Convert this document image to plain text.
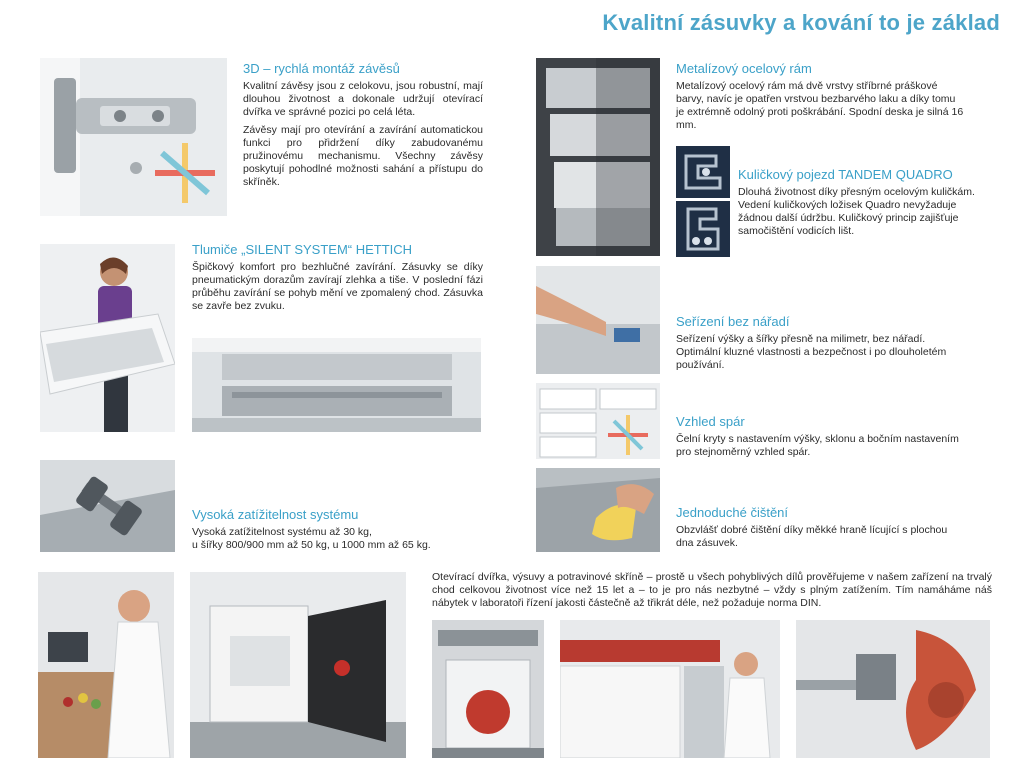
Kvalitní zásuvky a kování to je základ
3D – rychlá montáž závěsů

Kvalitní závěsy jsou z celokovu, jsou robustní, mají dlouhou životnost a dokonale udržují otevírací dvířka ve správné pozici po celá léta.

Závěsy mají pro otevírání a zavírání automatickou funkci pro přidržení díky zabudovanému pružinovému mechanismu. Všechny závěsy poskytují pohodlné možnosti sahání a přístupu do skříněk.

Tlumiče „SILENT SYSTEM“ HETTICH

Špičkový komfort pro bezhlučné zavírání. Zásuvky se díky pneumatickým dorazům zavírají zlehka a tiše. V poslední fázi průběhu zavírání se pohyb mění ve zpomalený chod. Zásuvka se zavře bez zvuku.

Vysoká zatížitelnost systému

Vysoká zatížitelnost systému až 30 kg,

u šířky 800/900 mm až 50 kg, u 1000 mm až 65 kg.

Metalízový ocelový rám

Metalízový ocelový rám má dvě vrstvy stříbrné práškové barvy, navíc je opatřen vrstvou bezbarvého laku a díky tomu je extrémně odolný proti poškrábání. Spodní deska je silná 16 mm.

Kuličkový pojezd TANDEM QUADRO

Dlouhá životnost díky přesným ocelovým kuličkám. Vedení kuličkových ložisek Quadro nevyžaduje žádnou další údržbu. Kuličkový princip zajišťuje samočištění vodicích lišt.

Seřízení bez nářadí

Seřízení výšky a šířky přesně na milimetr, bez nářadí. Optimální kluzné vlastnosti a bezpečnost i po dlouholetém používání.

Vzhled spár

Čelní kryty s nastavením výšky, sklonu a bočním nastavením pro stejnoměrný vzhled spár.

Jednoduché čištění

Obzvlášť dobré čištění díky měkké hraně lícující s plochou dna zásuvek.

Otevírací dvířka, výsuvy a potravinové skříně – prostě u všech pohyblivých dílů prověřujeme v našem zařízení na trvalý chod celkovou životnost více než 15 let a – to je pro nás nezbytné – vždy s plným zatížením. Tím namáháme náš nábytek v laboratoři řízení jakosti částečně až třikrát déle, než požaduje norma DIN.
